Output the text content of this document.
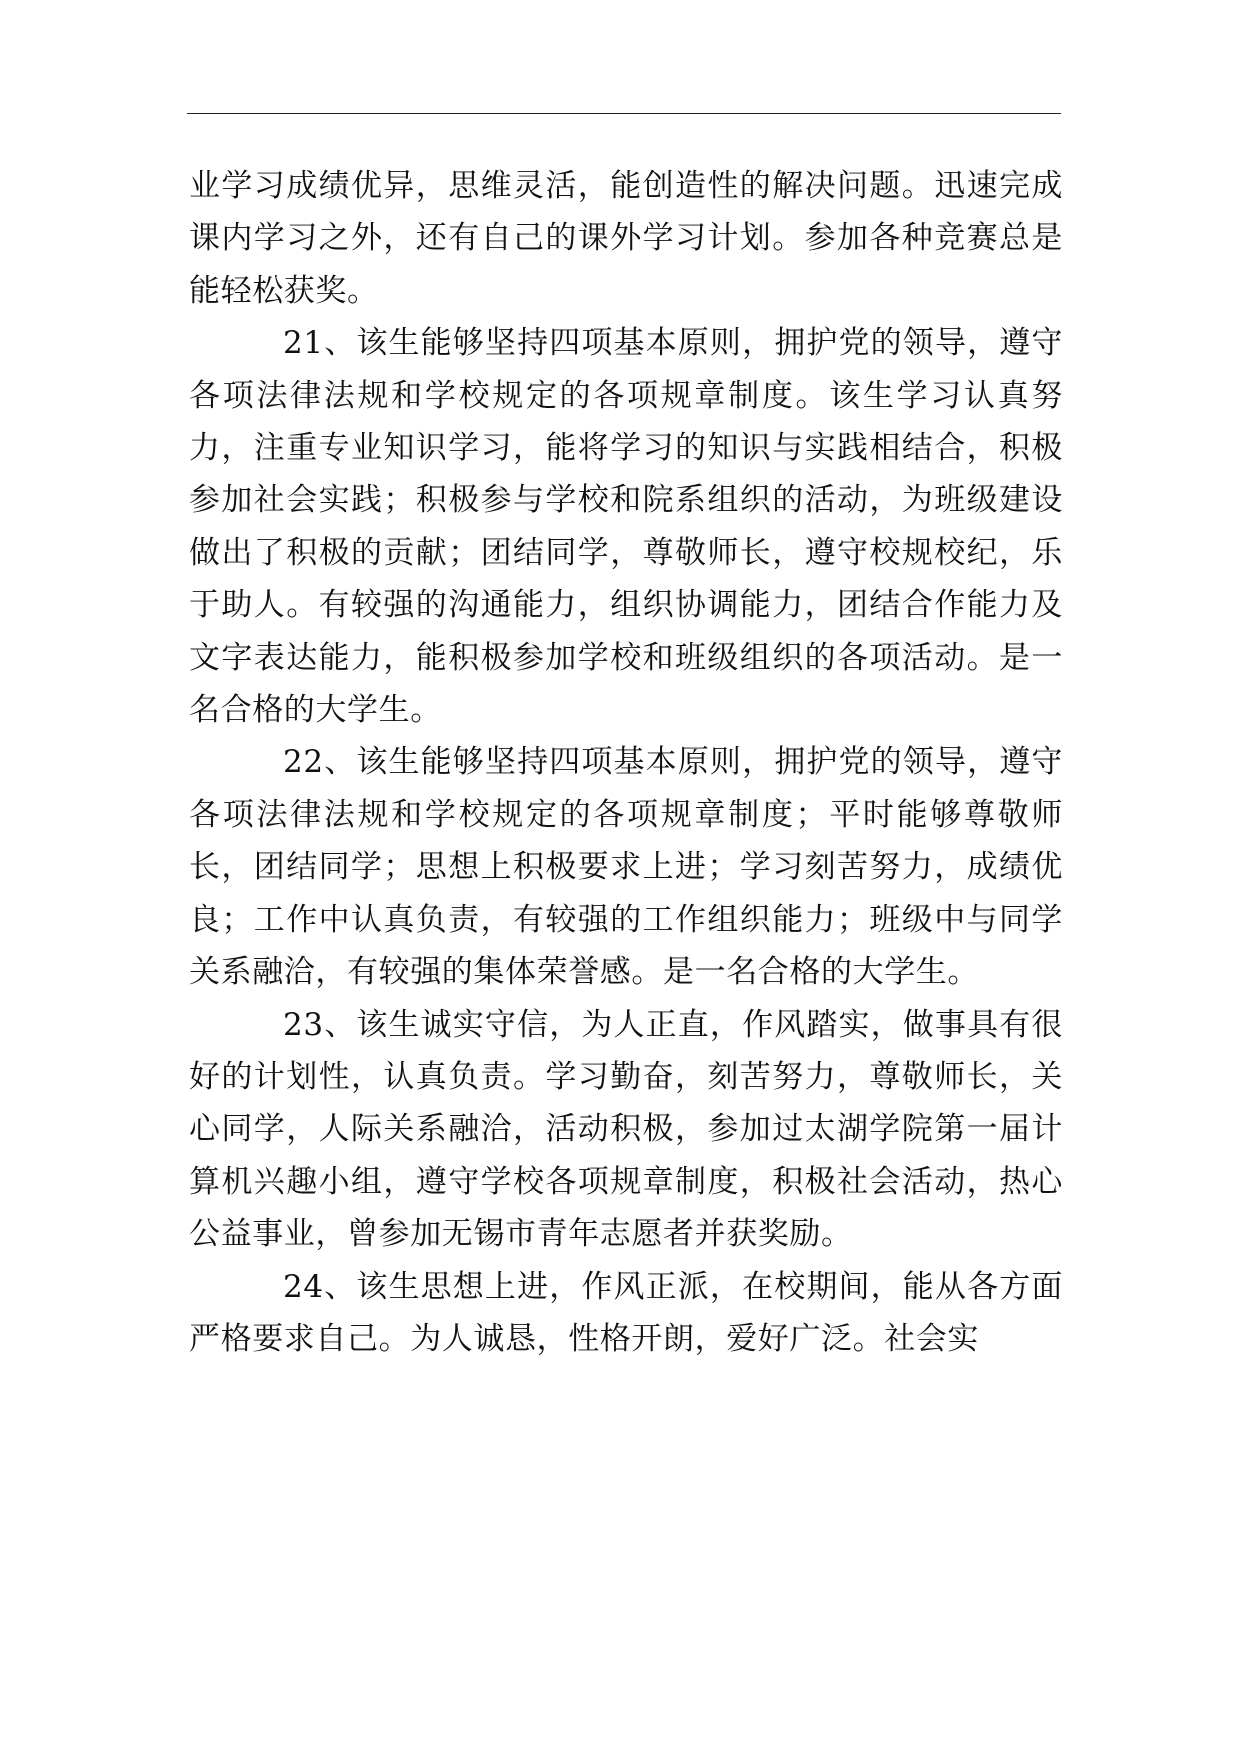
业学习成绩优异，思维灵活，能创造性的解决问题。迅速完成课内学习之外，还有自己的课外学习计划。参加各种竞赛总是能轻松获奖。

21、该生能够坚持四项基本原则，拥护党的领导，遵守各项法律法规和学校规定的各项规章制度。该生学习认真努力，注重专业知识学习，能将学习的知识与实践相结合，积极参加社会实践；积极参与学校和院系组织的活动，为班级建设做出了积极的贡献；团结同学，尊敬师长，遵守校规校纪，乐于助人。有较强的沟通能力，组织协调能力，团结合作能力及文字表达能力，能积极参加学校和班级组织的各项活动。是一名合格的大学生。

22、该生能够坚持四项基本原则，拥护党的领导，遵守各项法律法规和学校规定的各项规章制度；平时能够尊敬师长，团结同学；思想上积极要求上进；学习刻苦努力，成绩优良；工作中认真负责，有较强的工作组织能力；班级中与同学关系融洽，有较强的集体荣誉感。是一名合格的大学生。

23、该生诚实守信，为人正直，作风踏实，做事具有很好的计划性，认真负责。学习勤奋，刻苦努力，尊敬师长，关心同学，人际关系融洽，活动积极，参加过太湖学院第一届计算机兴趣小组，遵守学校各项规章制度，积极社会活动，热心公益事业，曾参加无锡市青年志愿者并获奖励。

24、该生思想上进，作风正派，在校期间，能从各方面严格要求自己。为人诚恳，性格开朗，爱好广泛。社会实
